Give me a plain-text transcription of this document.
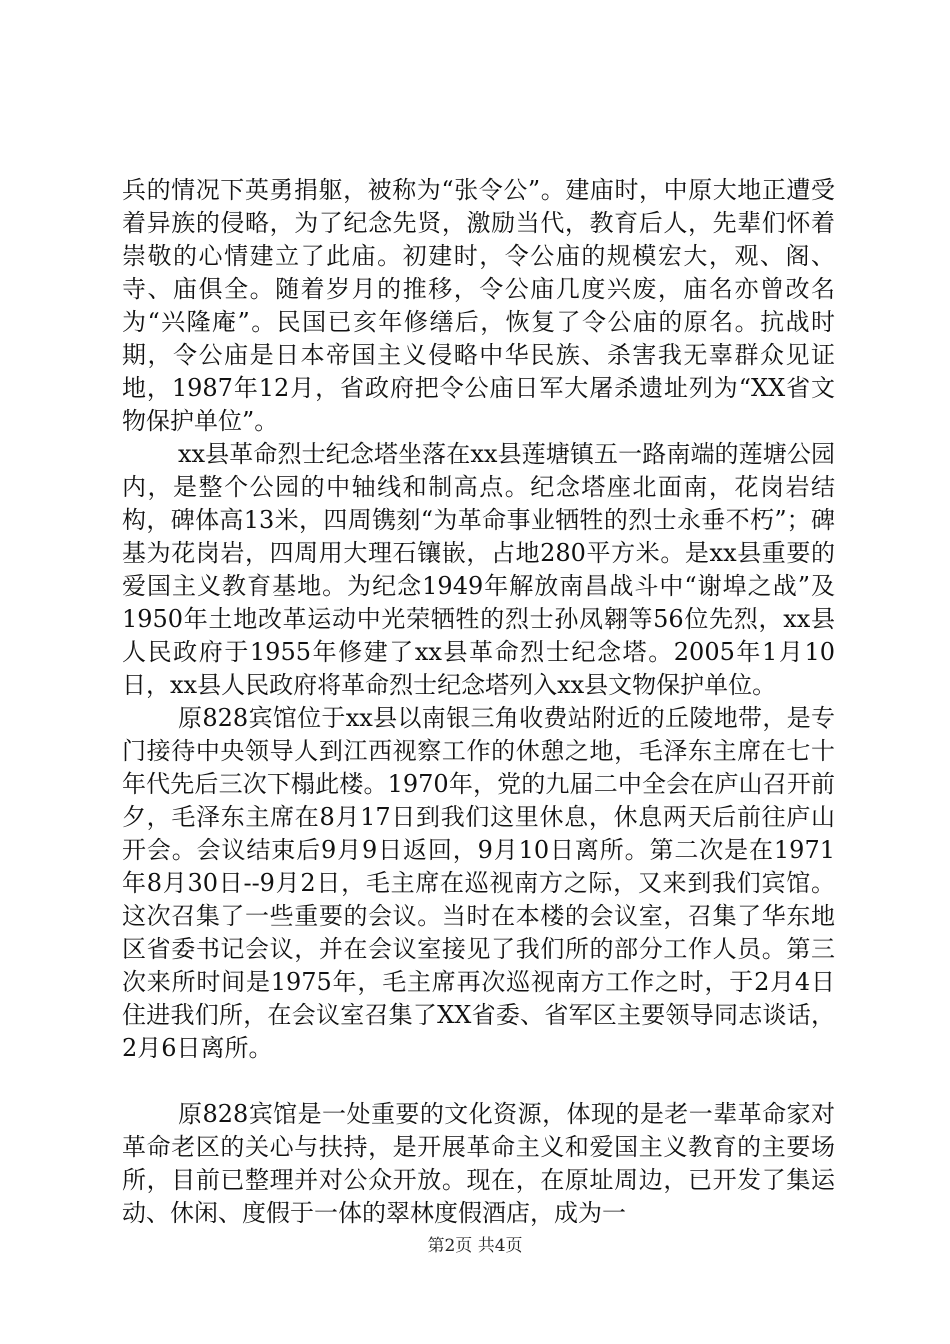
兵的情况下英勇捐躯，被称为“张令公”。建庙时，中原大地正遭受着异族的侵略，为了纪念先贤，激励当代，教育后人，先辈们怀着崇敬的心情建立了此庙。初建时，令公庙的规模宏大，观、阁、寺、庙俱全。随着岁月的推移，令公庙几度兴废，庙名亦曾改名为“兴隆庵”。民国已亥年修缮后，恢复了令公庙的原名。抗战时期，令公庙是日本帝国主义侵略中华民族、杀害我无辜群众见证地，1987年12月，省政府把令公庙日军大屠杀遗址列为“XX省文物保护单位”。

xx县革命烈士纪念塔坐落在xx县莲塘镇五一路南端的莲塘公园内，是整个公园的中轴线和制高点。纪念塔座北面南，花岗岩结构，碑体高13米，四周镌刻“为革命事业牺牲的烈士永垂不朽”；碑基为花岗岩，四周用大理石镶嵌，占地280平方米。是xx县重要的爱国主义教育基地。为纪念1949年解放南昌战斗中“谢埠之战”及1950年土地改革运动中光荣牺牲的烈士孙凤翱等56位先烈，xx县人民政府于1955年修建了xx县革命烈士纪念塔。2005年1月10日，xx县人民政府将革命烈士纪念塔列入xx县文物保护单位。

原828宾馆位于xx县以南银三角收费站附近的丘陵地带，是专门接待中央领导人到江西视察工作的休憩之地，毛泽东主席在七十年代先后三次下榻此楼。1970年，党的九届二中全会在庐山召开前夕，毛泽东主席在8月17日到我们这里休息，休息两天后前往庐山开会。会议结束后9月9日返回，9月10日离所。第二次是在1971年8月30日--9月2日，毛主席在巡视南方之际，又来到我们宾馆。这次召集了一些重要的会议。当时在本楼的会议室，召集了华东地区省委书记会议，并在会议室接见了我们所的部分工作人员。第三次来所时间是1975年，毛主席再次巡视南方工作之时，于2月4日住进我们所，在会议室召集了XX省委、省军区主要领导同志谈话，2月6日离所。

原828宾馆是一处重要的文化资源，体现的是老一辈革命家对革命老区的关心与扶持，是开展革命主义和爱国主义教育的主要场所，目前已整理并对公众开放。现在，在原址周边，已开发了集运动、休闲、度假于一体的翠林度假酒店，成为一

第2页 共4页
